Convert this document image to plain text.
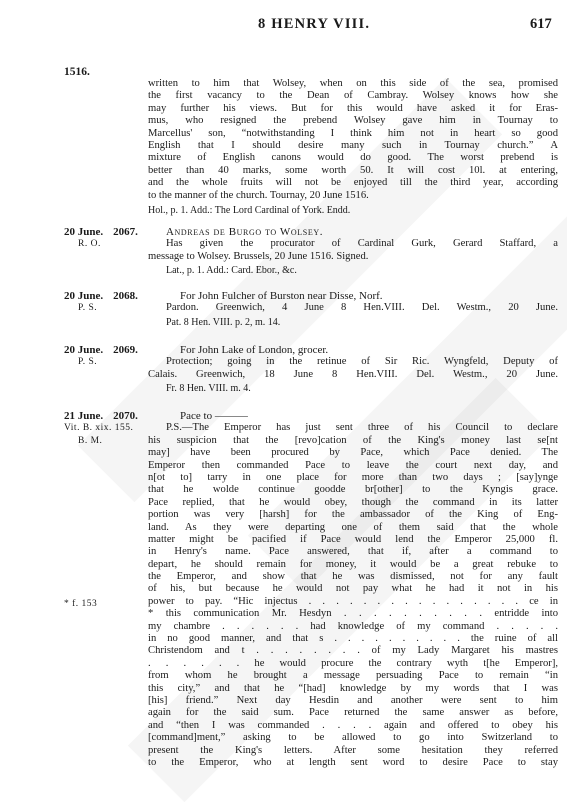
8 HENRY VIII.	617
1516.
written to him that Wolsey, when on this side of the sea, promised
the first vacancy to the Dean of Cambray. Wolsey knows how she
may further his views. But for this would have asked it for Eras-
mus, who resigned the prebend Wolsey gave him in Tournay to
Marcellus' son, “notwithstanding I think him not in heart so good
English that I should desire many such in Tournay church.” A
mixture of English canons would do good. The worst prebend is
better than 40 marks, some worth 50. It will cost 10l. at entering,
and the whole fruits will not be enjoyed till the third year, according
to the manner of the church. Tournay, 20 June 1516.
Hol., p. 1. Add.: The Lord Cardinal of York. Endd.
20 June. 2067.
R. O.
Andreas de Burgo to Wolsey.
Has given the procurator of Cardinal Gurk, Gerard Staffard, a
message to Wolsey. Brussels, 20 June 1516. Signed.
Lat., p. 1. Add.: Card. Ebor., &c.
20 June. 2068.
P. S.
For John Fulcher of Burston near Disse, Norf.
Pardon. Greenwich, 4 June 8 Hen.VIII. Del. Westm., 20 June.
Pat. 8 Hen. VIII. p. 2, m. 14.
20 June. 2069.
P. S.
For John Lake of London, grocer.
Protection; going in the retinue of Sir Ric. Wyngfeld, Deputy of
Calais. Greenwich, 18 June 8 Hen.VIII. Del. Westm., 20 June.
Fr. 8 Hen. VIII. m. 4.
21 June. 2070.
Vit. B. xix. 155.
B. M.
* f. 153
Pace to ———
P.S.—The Emperor has just sent three of his Council to declare
his suspicion that the [revo]cation of the King's money last se[nt
may] have been procured by Pace, which Pace denied. The
Emperor then commanded Pace to leave the court next day, and
n[ot to] tarry in one place for more than two days ; [say]ynge
that he wolde continue goodde br[other] to the Kyngis grace.
Pace replied, that he would obey, though the command in its latter
portion was very [harsh] for the ambassador of the King of Eng-
land. As they were departing one of them said that the whole
matter might be pacified if Pace would lend the Emperor 25,000 fl.
in Henry's name. Pace answered, that if, after a command to
depart, he should remain for money, it would be a great rebuke to
the Emperor, and show that he was dismissed, not for any fault
of his, but because he would not pay what he had it not in his
power to pay. “Hic injectus . . . . . . . . . . . . . . . . ce in
* this communication Mr. Hesdyn . . . . . . . . . . entridde into
my chambre . . . . . . had knowledge of my command . . . . .
in no good manner, and that s . . . . . . . . . . the ruine of all
Christendom and t . . . . . . . . of my Lady Margaret his mastres
. . . . . . he would procure the contrary wyth t[he Emperor],
from whom he brought a message persuading Pace to remain “in
this city,” and that he “[had] knowledge by my words that I was
[his] friend.” Next day Hesdin and another were sent to him
again for the said sum. Pace returned the same answer as before,
and “then I was commanded . . . . again and offered to obey his
[command]ment,” asking to be allowed to go into Switzerland to
present the King's letters. After some hesitation they referred
to the Emperor, who at length sent word to desire Pace to stay
